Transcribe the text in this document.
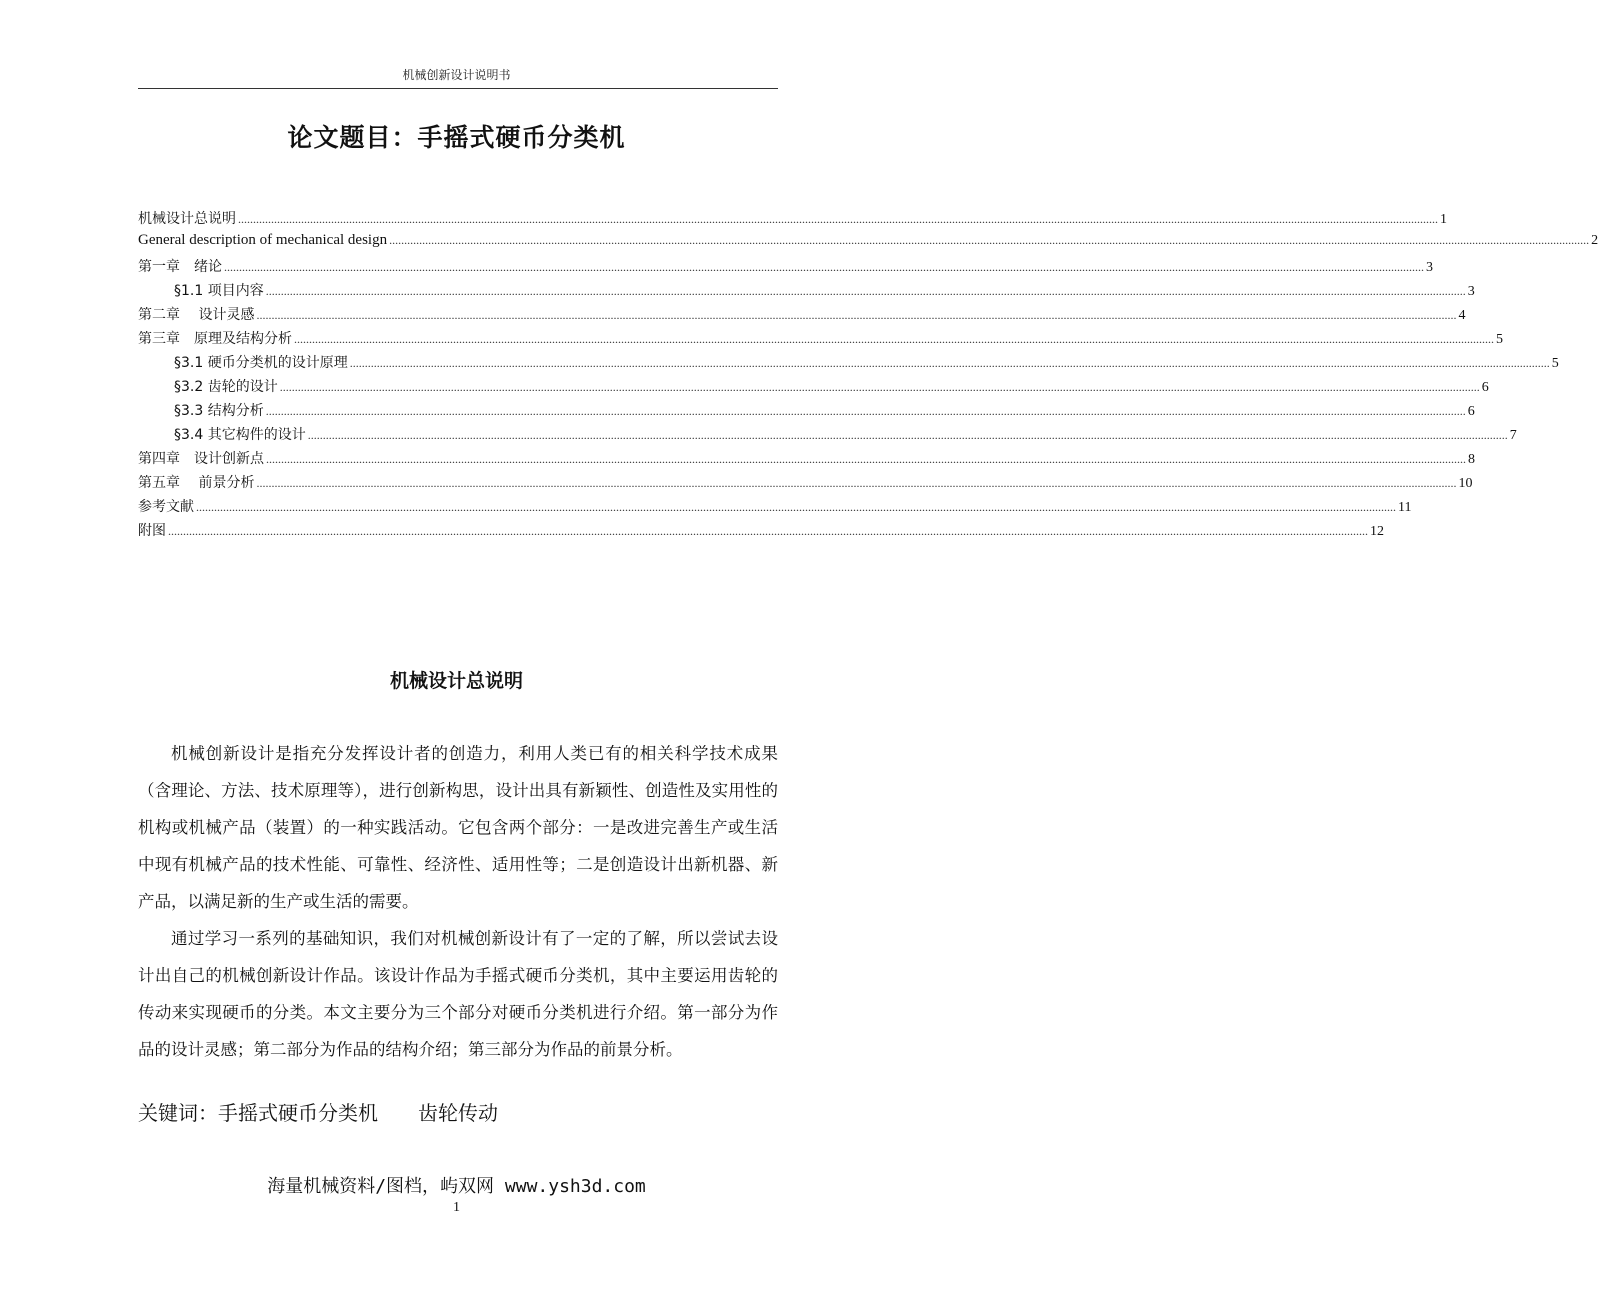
机械创新设计说明书
论文题目：手摇式硬币分类机
机械设计总说明 ................................................................................................................................................................................................................................................................................................................................................................................................................ 1
General description of mechanical design ................................................................................................................................................................................................................................................................................................................................................................................................................ 2
第一章　绪论 ................................................................................................................................................................................................................................................................................................................................................................................................................ 3
§1.1 项目内容 ................................................................................................................................................................................................................................................................................................................................................................................................................ 3
第二章　 设计灵感 ................................................................................................................................................................................................................................................................................................................................................................................................................ 4
第三章　原理及结构分析 ................................................................................................................................................................................................................................................................................................................................................................................................................ 5
§3.1 硬币分类机的设计原理 ................................................................................................................................................................................................................................................................................................................................................................................................................ 5
§3.2 齿轮的设计 ................................................................................................................................................................................................................................................................................................................................................................................................................ 6
§3.3 结构分析 ................................................................................................................................................................................................................................................................................................................................................................................................................ 6
§3.4 其它构件的设计 ................................................................................................................................................................................................................................................................................................................................................................................................................ 7
第四章　设计创新点 ................................................................................................................................................................................................................................................................................................................................................................................................................ 8
第五章　 前景分析 ................................................................................................................................................................................................................................................................................................................................................................................................................ 10
参考文献 ................................................................................................................................................................................................................................................................................................................................................................................................................ 11
附图 ................................................................................................................................................................................................................................................................................................................................................................................................................ 12
机械设计总说明

机械创新设计是指充分发挥设计者的创造力，利用人类已有的相关科学技术成果（含理论、方法、技术原理等），进行创新构思，设计出具有新颖性、创造性及实用性的机构或机械产品（装置）的一种实践活动。它包含两个部分：一是改进完善生产或生活中现有机械产品的技术性能、可靠性、经济性、适用性等；二是创造设计出新机器、新产品，以满足新的生产或生活的需要。

通过学习一系列的基础知识，我们对机械创新设计有了一定的了解，所以尝试去设计出自己的机械创新设计作品。该设计作品为手摇式硬币分类机，其中主要运用齿轮的传动来实现硬币的分类。本文主要分为三个部分对硬币分类机进行介绍。第一部分为作品的设计灵感；第二部分为作品的结构介绍；第三部分为作品的前景分析。

关键词：手摇式硬币分类机　　齿轮传动
海量机械资料/图档，屿双网 www.ysh3d.com
1
